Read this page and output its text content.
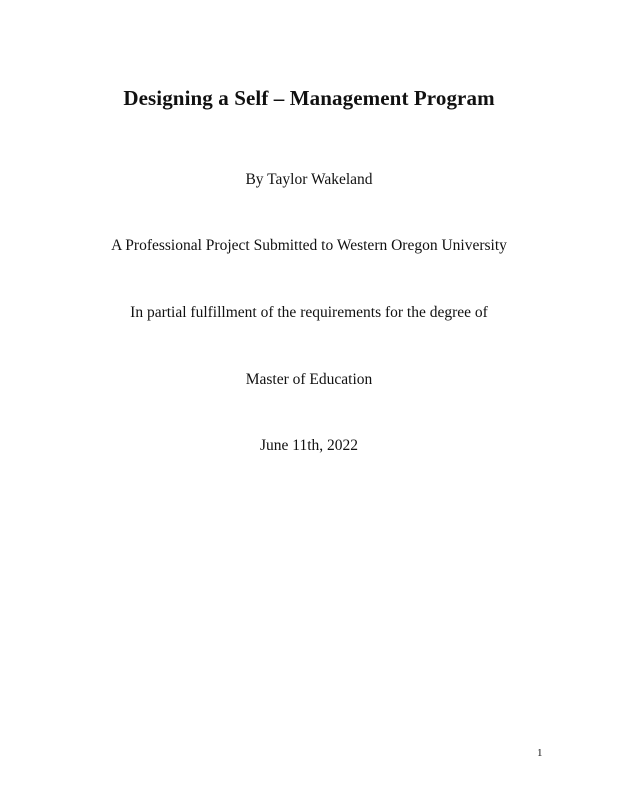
Designing a Self – Management Program
By Taylor Wakeland
A Professional Project Submitted to Western Oregon University
In partial fulfillment of the requirements for the degree of
Master of Education
June 11th, 2022
1
